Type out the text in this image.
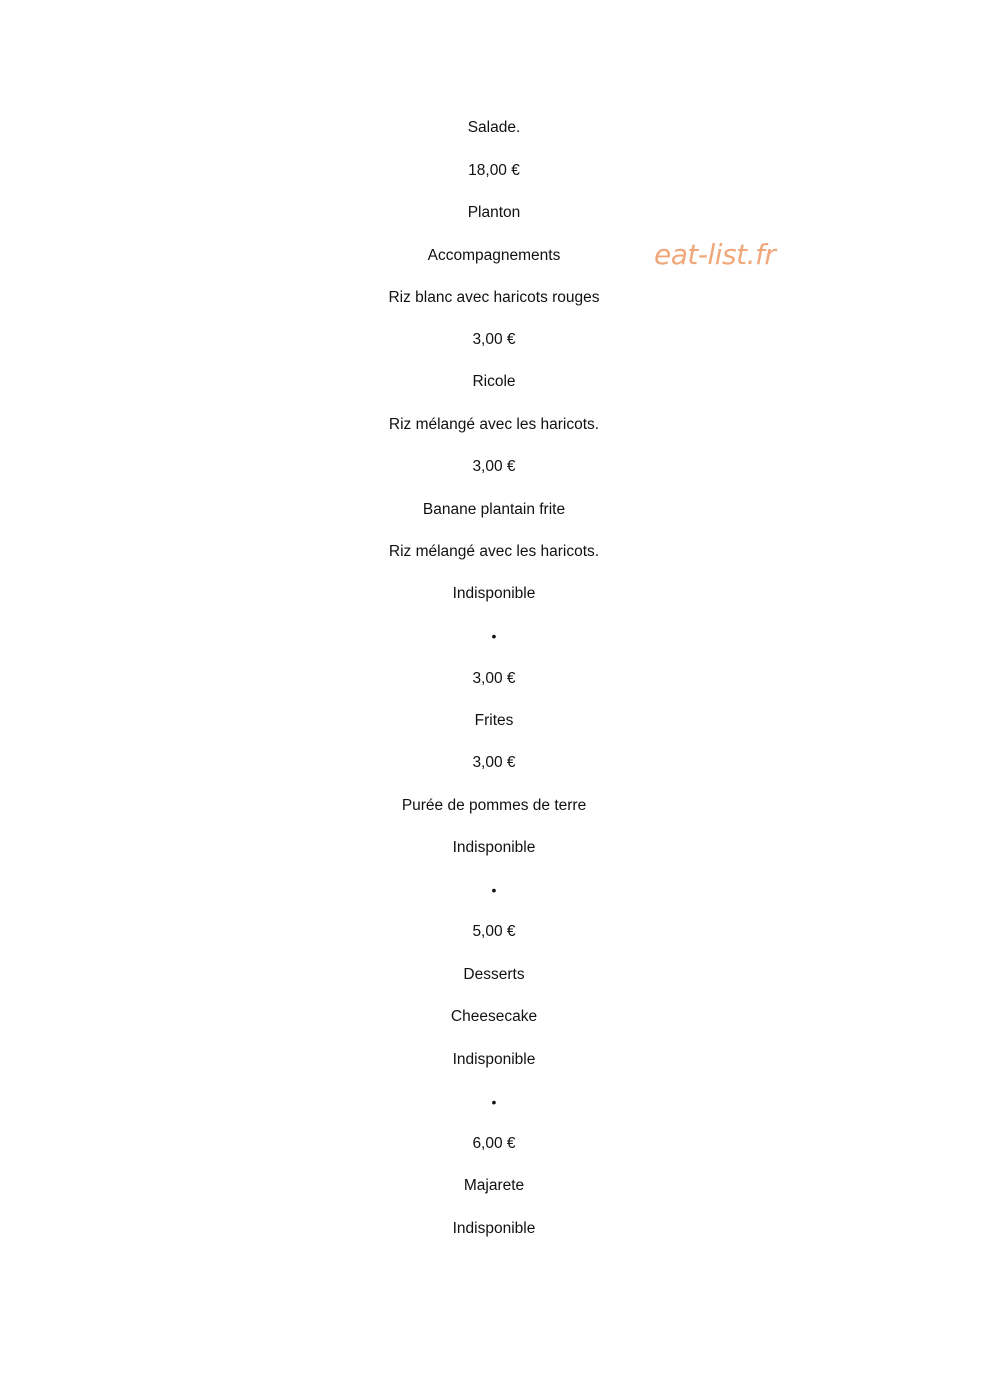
eat-list.fr
Salade.
18,00 €
Planton
Accompagnements
Riz blanc avec haricots rouges
3,00 €
Ricole
Riz mélangé avec les haricots.
3,00 €
Banane plantain frite
Riz mélangé avec les haricots.
Indisponible
•
3,00 €
Frites
3,00 €
Purée de pommes de terre
Indisponible
•
5,00 €
Desserts
Cheesecake
Indisponible
•
6,00 €
Majarete
Indisponible
